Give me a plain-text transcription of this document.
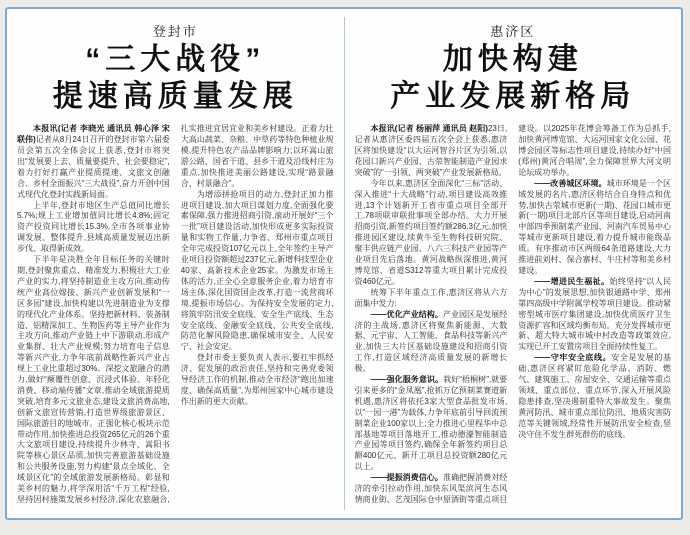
登封市
“三大战役”
提速高质量发展

本报讯(记者 李晓光 通讯员 韩心泽 宋联伟)记者从8月24日召开的登封市第六届委员会第五次全体会议上获悉,登封市将突出“发展要上去、质量要提升、社会要稳定”,着力打好打赢产业提质提速、文旅文创融合、乡村全面振兴“三大战役”,奋力开创中国式现代化登封实践新局面。

上半年,登封市地区生产总值同比增长5.7%;规上工业增加值同比增长4.8%;固定资产投资同比增长15.3%,全市各项事业协调发展、整体提升,县域高质量发展迈出新步伐、取得新成效。

下半年是决胜全年目标任务的关键时期,登封聚焦重点、精准发力,积极壮大工业产业的实力,将坚持制造业主攻方向,推动传统产业高位嫁接、新兴产业创新发展和“一区多园”建设,加快构建以先进制造业为支撑的现代化产业体系。坚持把新材料、装备制造、铝精深加工、生物医药等主导产业作为主攻方向,推动产业链上中下游联动,形成产业集群、壮大产业规模;努力培育电子信息等新兴产业,力争年底前战略性新兴产业占规上工业比重超过30%。深挖文旅融合的潜力,做好“颠覆性创意、沉浸式体验、年轻化消费、移动端传播”文章,推动全域旅游提质突破,培育多元文旅业态,建设文旅消费高地,创新文旅宣传营销,打造世界级旅游景区、国际旅游目的地城市。正强化核心板块示范带动作用,加快推进总投资265亿元的26个重大文旅项目建设,持续提升少林寺、嵩阳书院等核心景区品质,加快完善旅游基础设施和公共服务设施,努力构建“景点全域化、全域景区化”的全域旅游发展新格局。彰显和美乡村的魅力,将学深用活“千万工程”经验,坚持因村施策发展乡村经济,深化农旅融合,扎实推进宜居宜业和美乡村建设。正着力壮大高山蔬菜、杂粮、中草药等特色种植业规模,提升特色农产品品牌影响力;以环嵩山旅游公路、国省干道、县乡干道及沿线村庄为重点,加快推进美丽公路建设,实现“路景融合、村景融合”。

为增添拼抢项目的动力,登封正加力推进项目建设,加大项目谋划力度,全面强化要素保障,强力推进招商引资,滚动开展好“三个一批”项目建设活动,加快形成更多实际投资量和实物工作量,力争省、郑州市重点项目全年完成投资107亿元以上,全年签约主导产业项目投资额超过237亿元,新增科技型企业40家、高新技术企业25家。为激发市场主体的活力,正全心全意服务企业,着力培育市场主体,深化国资国企改革,打造一流营商环境,提振市场信心。为保持安全发展的定力,将筑牢防汛安全底线、安全生产底线、生态安全底线、金融安全底线、公共安全底线,防范化解风险隐患,确保城市安全、人民安宁、社会安定。

登封市委主要负责人表示,要扛牢抓经济、促发展的政治责任,坚持和完善党委领导经济工作的机制,推动全市经济“跑出加速度、确保高质量”,为郑州国家中心城市建设作出新的更大贡献。

惠济区
加快构建
产业发展新格局

本报讯(记者 杨丽萍 通讯员 赵阳)23日,记者从惠济区委四届五次全会上获悉,惠济区将加快建设“以大运河智谷片区为引领,以花园口新兴产业园、古荥智能制造产业园求突破”的“一引领、两突破”产业发展新格局。

今年以来,惠济区全面深化“三标”活动、深入推进“十大战略”行动,项目建设高效推进,13个计划新开工省市重点项目全部开工,78项联审联批事项全部办结。大力开展招商引资,新签约项目签约额286.3亿元,加快推进园区建设,续黄牛至生物科技研究院、聚丰供应链产业园、八六三科技产业园等产业项目先后落地。黄河战略纵深推进,黄河博览馆、省道S312等重大项目累计完成投资460亿元。

统筹下半年重点工作,惠济区将从六方面集中发力:

——优化产业结构。产业园区是发展经济的主战场,惠济区将聚焦新能源、大数据、元宇宙、人工智能、食品科技等新兴产业,加快三大片区基础设施建设和招商引资工作,打造区域经济高质量发展的新增长极。

——强化服务意识。栽好“梧桐树”,就要引来更多的“金凤凰”,抢抓万亿预制菜赛道新机遇,惠济区将依托3家大型食品批发市场,以“一园一港”为载体,力争年底前引导回流预制菜企业100家以上;全力推进心里程华中总部基地等项目落地开工,推动德濠智能制造产业园等项目签约,确保全年新签约项目总额400亿元、新开工项目总投资额280亿元以上。

——提振消费信心。准确把握消费对经济的牵引拉动作用,加快东风渠滨河生态风情商业街、艺茂国际仓中原酒街等重点项目建设。以2025年花博会筹备工作为总抓手,加快黄河博览馆、大运河国家文化公园、花博会园区等标志性项目建设,持续办好“中国(郑州)黄河合唱周”,全力保障世界大河文明论坛成功举办。

——改善城区环境。城市环境是一个区域发展的名片,惠济区将结合自身特点和优势,加快古荥城市更新(一期)、花园口城市更新(一期)项目北部片区等项目建设,启动河南中部四季预制菜产业园、河南汽车贸易中心等城市更新项目建设,着力提升城市能级品质。有序推动市区两级64条道路建设,大力推进前刘村、保合寨村、牛庄村等和美乡村建设。

——增进民生福祉。始终坚持“以人民为中心”的发展思想,加快银通路中学、郑州第四高级中学附属学校等项目建设。推动紧密型城市医疗集团建设,加快优质医疗卫生资源扩容和区域均衡布局。充分发挥城市更新、超大特大城市城中村改造等政策效应,实现已开工安置房项目全面持续性复工。

——守牢安全底线。安全是发展的基础,惠济区将紧盯危险化学品、消防、燃气、建筑施工、房屋安全、交通运输等重点领域、重点部位、重点环节,深入开展风险隐患排查,坚决遏制重特大事故发生。聚焦黄河防汛、城市重点部位防汛、地质灾害防范等关键领域,经常性开展防汛安全检查,坚决守住不发生群死群伤的底线。
